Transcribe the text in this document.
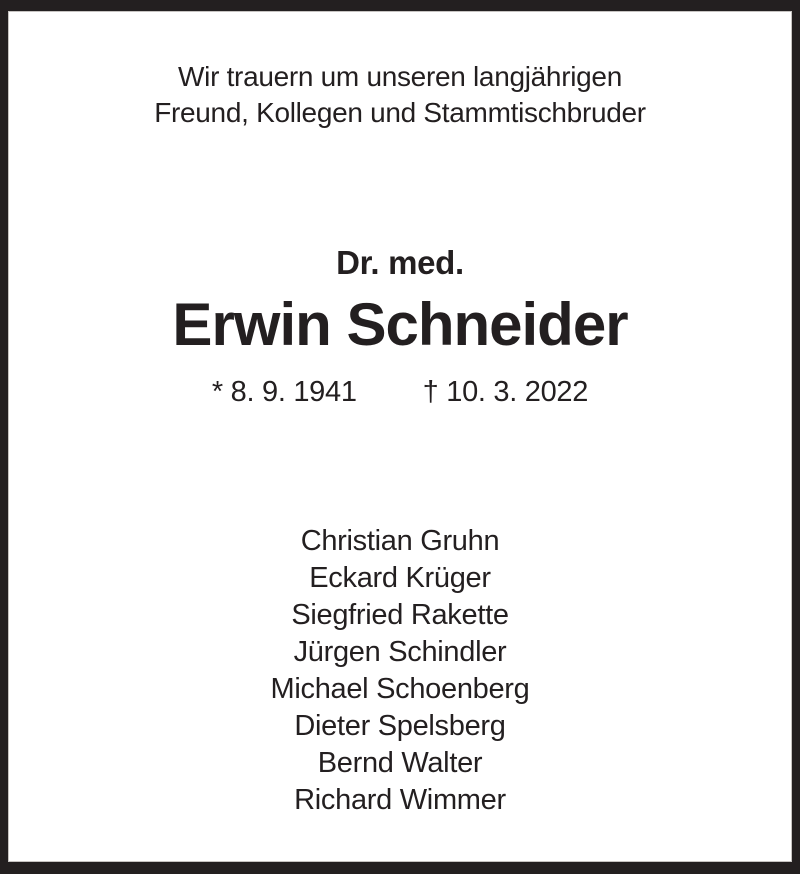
Wir trauern um unseren langjährigen
Freund, Kollegen und Stammtischbruder
Dr. med.
Erwin Schneider
* 8. 9. 1941 † 10. 3. 2022
Christian Gruhn
Eckard Krüger
Siegfried Rakette
Jürgen Schindler
Michael Schoenberg
Dieter Spelsberg
Bernd Walter
Richard Wimmer
